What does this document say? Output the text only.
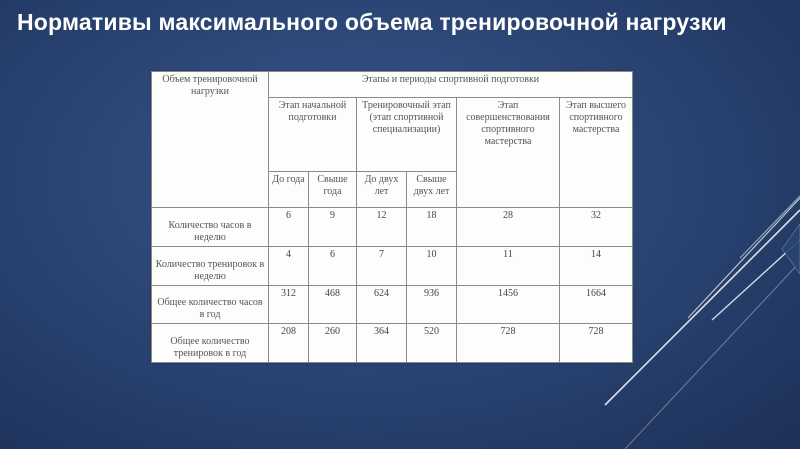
Нормативы максимального объема тренировочной нагрузки
Объем тренировочной нагрузки	Этапы и периоды спортивной подготовки					
	Этап начальной подготовки		Тренировочный этап (этап спортивной специализации)		Этап совершенствования спортивного мастерства	Этап высшего спортивного мастерства
	До года	Свыше года	До двух лет	Свыше двух лет		
Количество часов в неделю	6	9	12	18	28	32
Количество тренировок в неделю	4	6	7	10	11	14
Общее количество часов в год	312	468	624	936	1456	1664
Общее количество тренировок в год	208	260	364	520	728	728
